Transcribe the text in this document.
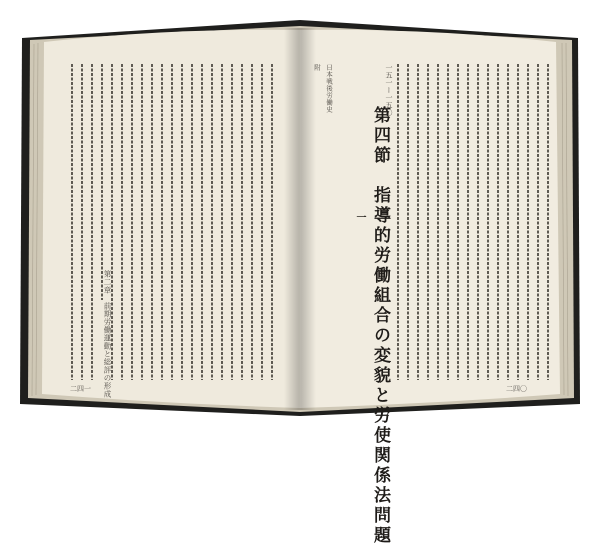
日本戦後労働史
附
第四節　指導的労働組合の変貌と労使関係法問題
一
一五一ー一五〇
第二章　前期労働運動と総評の形成
二四一	二四〇
